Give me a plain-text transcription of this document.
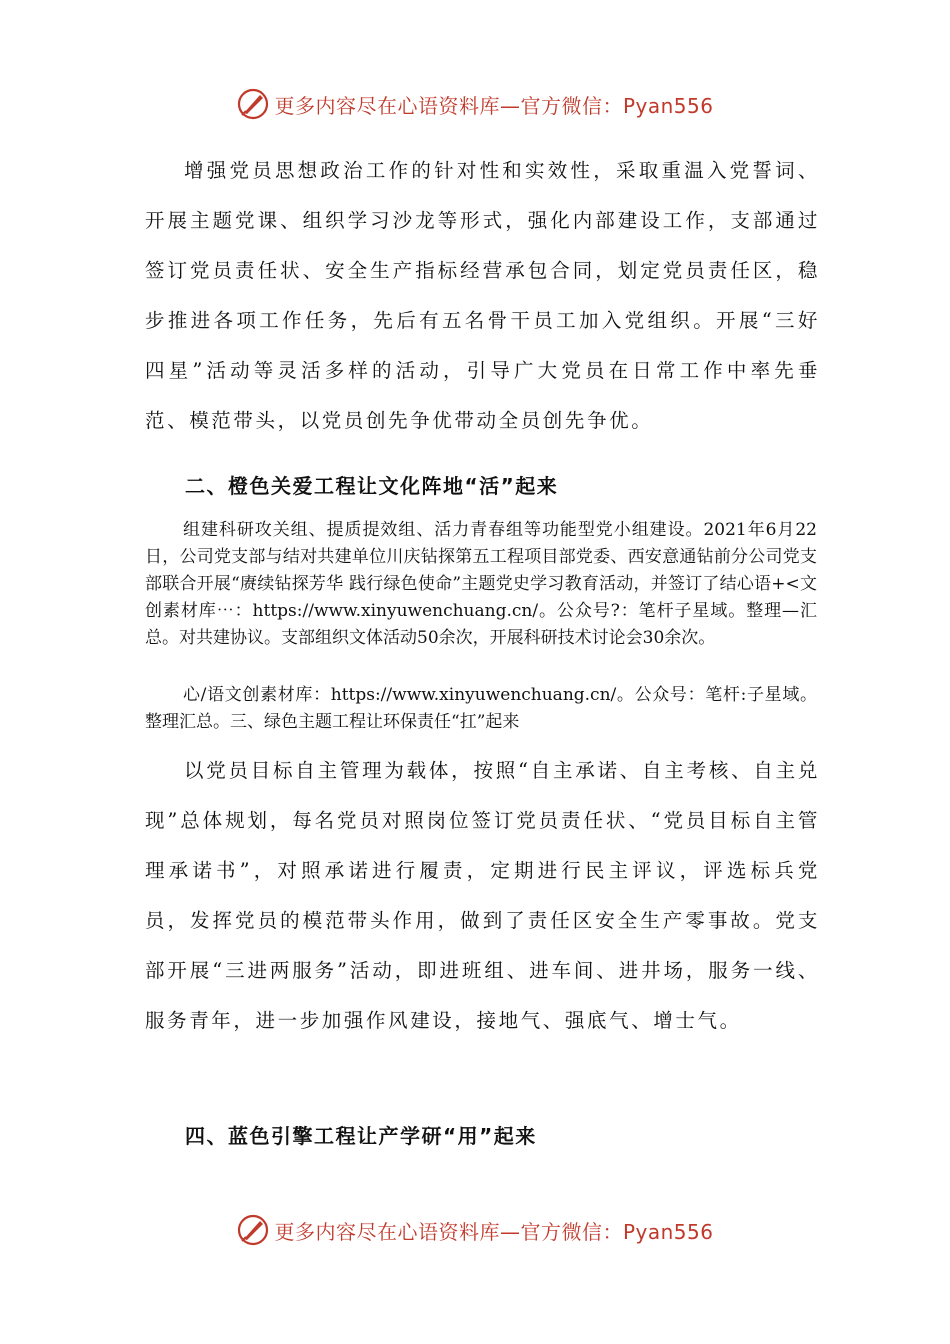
更多内容尽在心语资料库—官方微信：Pyan556

增强党员思想政治工作的针对性和实效性，采取重温入党誓词、开展主题党课、组织学习沙龙等形式，强化内部建设工作，支部通过签订党员责任状、安全生产指标经营承包合同，划定党员责任区，稳步推进各项工作任务，先后有五名骨干员工加入党组织。开展“三好四星”活动等灵活多样的活动，引导广大党员在日常工作中率先垂范、模范带头，以党员创先争优带动全员创先争优。

二、橙色关爱工程让文化阵地“活”起来

组建科研攻关组、提质提效组、活力青春组等功能型党小组建设。2021年6月22日，公司党支部与结对共建单位川庆钻探第五工程项目部党委、西安意通钻前分公司党支部联合开展“赓续钻探芳华 践行绿色使命”主题党史学习教育活动，并签订了结心语+<文创素材库⋯：https://www.xinyuwenchuang.cn/。公众号?：笔杆子星域。整理—汇总。对共建协议。支部组织文体活动50余次，开展科研技术讨论会30余次。

心/语文创素材库：https://www.xinyuwenchuang.cn/。公众号：笔杆:子星域。整理汇总。三、绿色主题工程让环保责任“扛”起来

以党员目标自主管理为载体，按照“自主承诺、自主考核、自主兑现”总体规划，每名党员对照岗位签订党员责任状、“党员目标自主管理承诺书”，对照承诺进行履责，定期进行民主评议，评选标兵党员，发挥党员的模范带头作用，做到了责任区安全生产零事故。党支部开展“三进两服务”活动，即进班组、进车间、进井场，服务一线、服务青年，进一步加强作风建设，接地气、强底气、增士气。

四、蓝色引擎工程让产学研“用”起来
更多内容尽在心语资料库—官方微信：Pyan556
